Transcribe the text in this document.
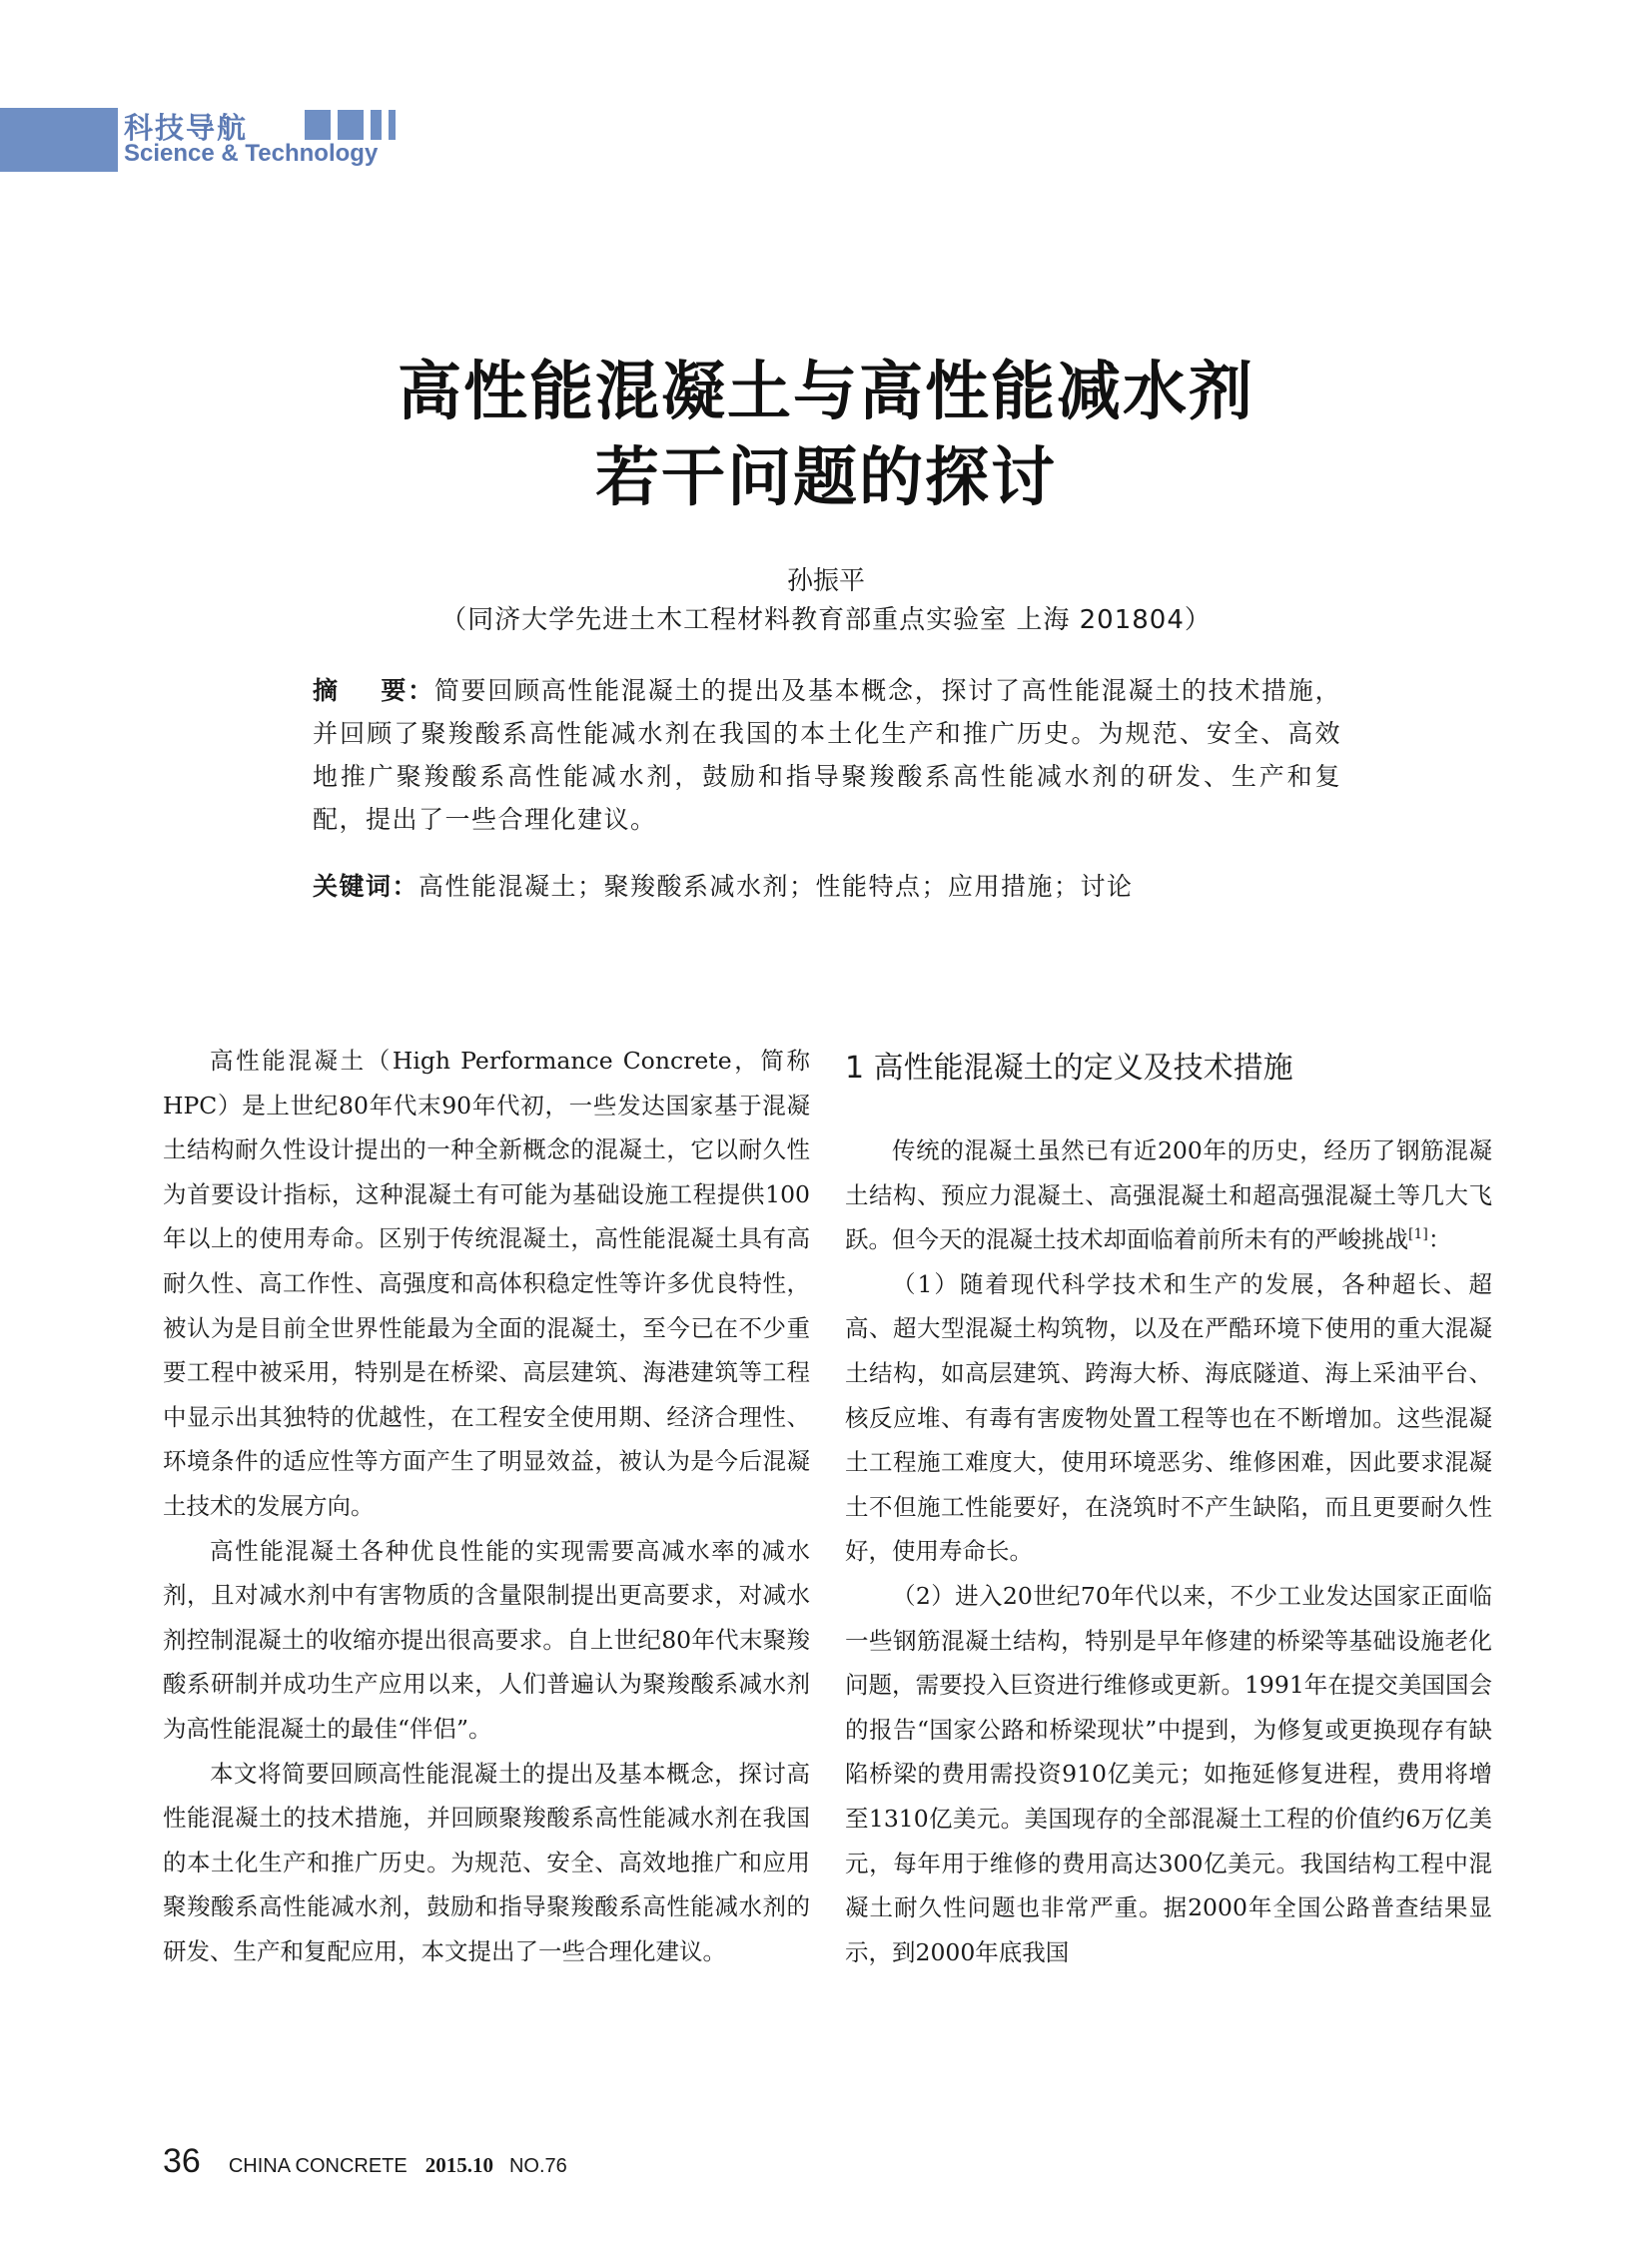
科技导航
Science & Technology
高性能混凝土与高性能减水剂
若干问题的探讨
孙振平
（同济大学先进土木工程材料教育部重点实验室 上海 201804）
摘    要：简要回顾高性能混凝土的提出及基本概念，探讨了高性能混凝土的技术措施，并回顾了聚羧酸系高性能减水剂在我国的本土化生产和推广历史。为规范、安全、高效地推广聚羧酸系高性能减水剂，鼓励和指导聚羧酸系高性能减水剂的研发、生产和复配，提出了一些合理化建议。
关键词：高性能混凝土；聚羧酸系减水剂；性能特点；应用措施；讨论

高性能混凝土（High Performance Concrete，简称HPC）是上世纪80年代末90年代初，一些发达国家基于混凝土结构耐久性设计提出的一种全新概念的混凝土，它以耐久性为首要设计指标，这种混凝土有可能为基础设施工程提供100年以上的使用寿命。区别于传统混凝土，高性能混凝土具有高耐久性、高工作性、高强度和高体积稳定性等许多优良特性，被认为是目前全世界性能最为全面的混凝土，至今已在不少重要工程中被采用，特别是在桥梁、高层建筑、海港建筑等工程中显示出其独特的优越性，在工程安全使用期、经济合理性、环境条件的适应性等方面产生了明显效益，被认为是今后混凝土技术的发展方向。

高性能混凝土各种优良性能的实现需要高减水率的减水剂，且对减水剂中有害物质的含量限制提出更高要求，对减水剂控制混凝土的收缩亦提出很高要求。自上世纪80年代末聚羧酸系研制并成功生产应用以来，人们普遍认为聚羧酸系减水剂为高性能混凝土的最佳“伴侣”。

本文将简要回顾高性能混凝土的提出及基本概念，探讨高性能混凝土的技术措施，并回顾聚羧酸系高性能减水剂在我国的本土化生产和推广历史。为规范、安全、高效地推广和应用聚羧酸系高性能减水剂，鼓励和指导聚羧酸系高性能减水剂的研发、生产和复配应用，本文提出了一些合理化建议。

1 高性能混凝土的定义及技术措施

传统的混凝土虽然已有近200年的历史，经历了钢筋混凝土结构、预应力混凝土、高强混凝土和超高强混凝土等几大飞跃。但今天的混凝土技术却面临着前所未有的严峻挑战[1]：

（1）随着现代科学技术和生产的发展，各种超长、超高、超大型混凝土构筑物，以及在严酷环境下使用的重大混凝土结构，如高层建筑、跨海大桥、海底隧道、海上采油平台、核反应堆、有毒有害废物处置工程等也在不断增加。这些混凝土工程施工难度大，使用环境恶劣、维修困难，因此要求混凝土不但施工性能要好，在浇筑时不产生缺陷，而且更要耐久性好，使用寿命长。

（2）进入20世纪70年代以来，不少工业发达国家正面临一些钢筋混凝土结构，特别是早年修建的桥梁等基础设施老化问题，需要投入巨资进行维修或更新。1991年在提交美国国会的报告“国家公路和桥梁现状”中提到，为修复或更换现存有缺陷桥梁的费用需投资910亿美元；如拖延修复进程，费用将增至1310亿美元。美国现存的全部混凝土工程的价值约6万亿美元，每年用于维修的费用高达300亿美元。我国结构工程中混凝土耐久性问题也非常严重。据2000年全国公路普查结果显示，到2000年底我国

36 CHINA CONCRETE 2015.10 NO.76
